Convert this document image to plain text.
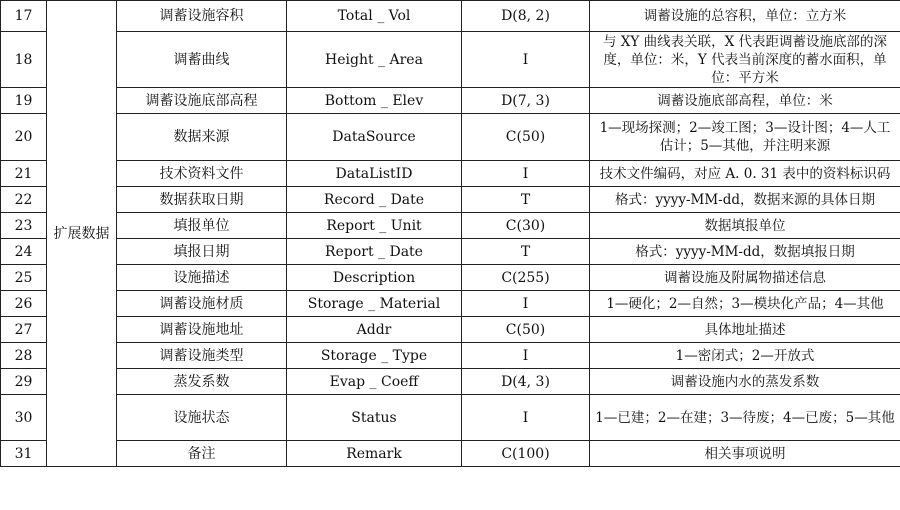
17	扩展数据	调蓄设施容积	Total _ Vol	D(8, 2)	调蓄设施的总容积，单位：立方米
18		调蓄曲线	Height _ Area	I	与 XY 曲线表关联，X 代表距调蓄设施底部的深度，单位：米，Y 代表当前深度的蓄水面积，单位：平方米
19		调蓄设施底部高程	Bottom _ Elev	D(7, 3)	调蓄设施底部高程，单位：米
20		数据来源	DataSource	C(50)	1—现场探测；2—竣工图；3—设计图；4—人工估计；5—其他，并注明来源
21		技术资料文件	DataListID	I	技术文件编码，对应 A. 0. 31 表中的资料标识码
22		数据获取日期	Record _ Date	T	格式：yyyy-MM-dd，数据来源的具体日期
23		填报单位	Report _ Unit	C(30)	数据填报单位
24		填报日期	Report _ Date	T	格式：yyyy-MM-dd，数据填报日期
25		设施描述	Description	C(255)	调蓄设施及附属物描述信息
26		调蓄设施材质	Storage _ Material	I	1—硬化；2—自然；3—模块化产品；4—其他
27		调蓄设施地址	Addr	C(50)	具体地址描述
28		调蓄设施类型	Storage _ Type	I	1—密闭式；2—开放式
29		蒸发系数	Evap _ Coeff	D(4, 3)	调蓄设施内水的蒸发系数
30		设施状态	Status	I	1—已建；2—在建；3—待废；4—已废；5—其他
31		备注	Remark	C(100)	相关事项说明
